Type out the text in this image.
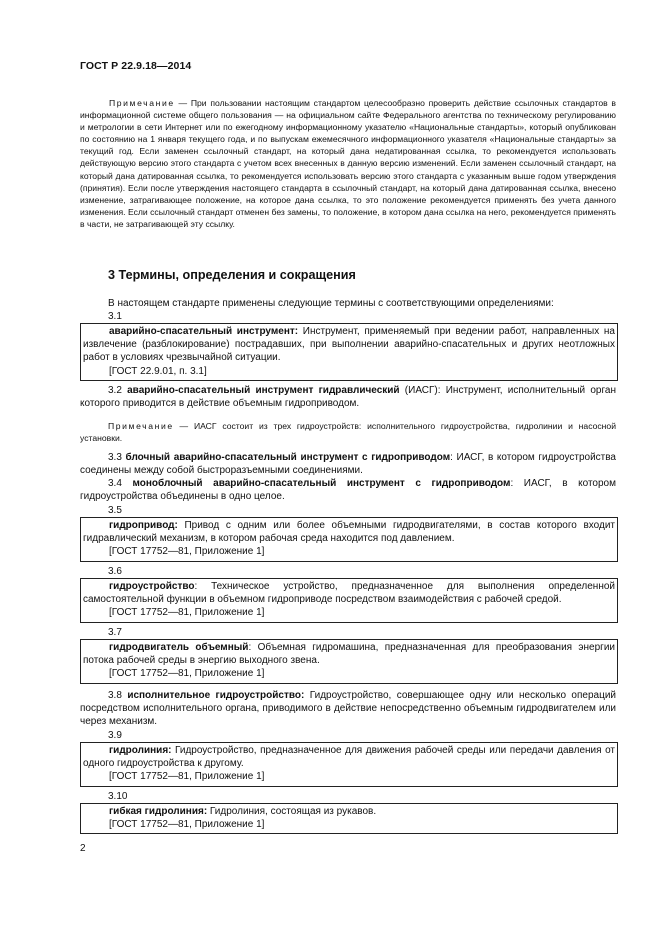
ГОСТ Р 22.9.18—2014
Примечание — При пользовании настоящим стандартом целесообразно проверить действие ссылочных стандартов в информационной системе общего пользования — на официальном сайте Федерального агентства по техническому регулированию и метрологии в сети Интернет или по ежегодному информационному указателю «Национальные стандарты», который опубликован по состоянию на 1 января текущего года, и по выпускам ежемесячного информационного указателя «Национальные стандарты» за текущий год. Если заменен ссылочный стандарт, на который дана недатированная ссылка, то рекомендуется использовать действующую версию этого стандарта с учетом всех внесенных в данную версию изменений. Если заменен ссылочный стандарт, на который дана датированная ссылка, то рекомендуется использовать версию этого стандарта с указанным выше годом утверждения (принятия). Если после утверждения настоящего стандарта в ссылочный стандарт, на который дана датированная ссылка, внесено изменение, затрагивающее положение, на которое дана ссылка, то это положение рекомендуется применять без учета данного изменения. Если ссылочный стандарт отменен без замены, то положение, в котором дана ссылка на него, рекомендуется применять в части, не затрагивающей эту ссылку.
3 Термины, определения и сокращения
В настоящем стандарте применены следующие термины с соответствующими определениями:
3.1
аварийно-спасательный инструмент: Инструмент, применяемый при ведении работ, направленных на извлечение (разблокирование) пострадавших, при выполнении аварийно-спасательных и других неотложных работ в условиях чрезвычайной ситуации.
[ГОСТ 22.9.01, п. 3.1]
3.2 аварийно-спасательный инструмент гидравлический (ИАСГ): Инструмент, исполнительный орган которого приводится в действие объемным гидроприводом.
Примечание — ИАСГ состоит из трех гидроустройств: исполнительного гидроустройства, гидролинии и насосной установки.
3.3 блочный аварийно-спасательный инструмент с гидроприводом: ИАСГ, в котором гидроустройства соединены между собой быстроразъемными соединениями.
3.4 моноблочный аварийно-спасательный инструмент с гидроприводом: ИАСГ, в котором гидроустройства объединены в одно целое.
3.5
гидропривод: Привод с одним или более объемными гидродвигателями, в состав которого входит гидравлический механизм, в котором рабочая среда находится под давлением.
[ГОСТ 17752—81, Приложение 1]
3.6
гидроустройство: Техническое устройство, предназначенное для выполнения определенной самостоятельной функции в объемном гидроприводе посредством взаимодействия с рабочей средой.
[ГОСТ 17752—81, Приложение 1]
3.7
гидродвигатель объемный: Объемная гидромашина, предназначенная для преобразования энергии потока рабочей среды в энергию выходного звена.
[ГОСТ 17752—81, Приложение 1]
3.8 исполнительное гидроустройство: Гидроустройство, совершающее одну или несколько операций посредством исполнительного органа, приводимого в действие непосредственно объемным гидродвигателем или через механизм.
3.9
гидролиния: Гидроустройство, предназначенное для движения рабочей среды или передачи давления от одного гидроустройства к другому.
[ГОСТ 17752—81, Приложение 1]
3.10
гибкая гидролиния: Гидролиния, состоящая из рукавов.
[ГОСТ 17752—81, Приложение 1]
2
